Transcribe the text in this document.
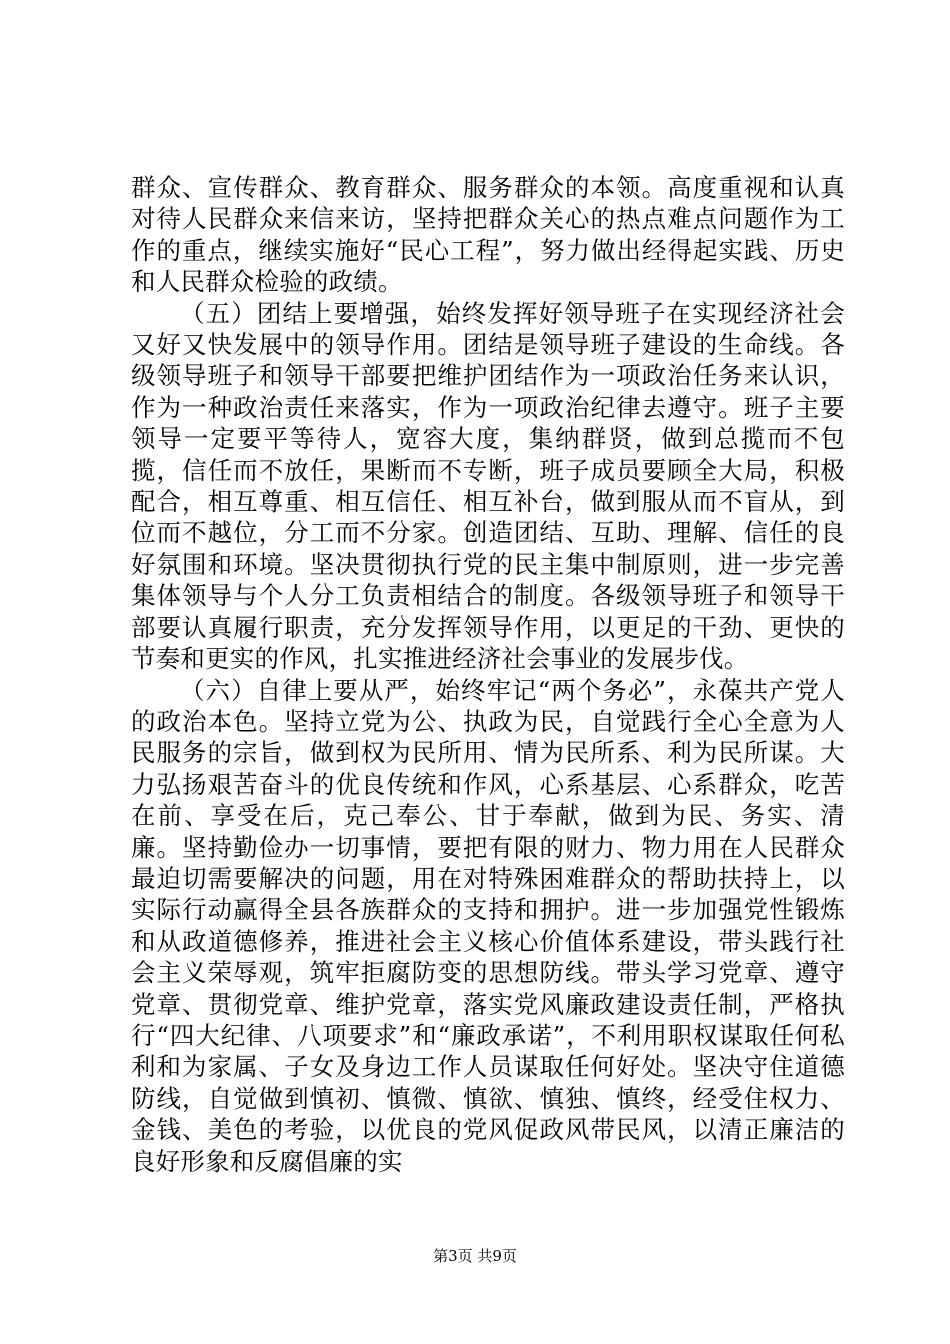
群众、宣传群众、教育群众、服务群众的本领。高度重视和认真对待人民群众来信来访，坚持把群众关心的热点难点问题作为工作的重点，继续实施好“民心工程”，努力做出经得起实践、历史和人民群众检验的政绩。

（五）团结上要增强，始终发挥好领导班子在实现经济社会又好又快发展中的领导作用。团结是领导班子建设的生命线。各级领导班子和领导干部要把维护团结作为一项政治任务来认识，作为一种政治责任来落实，作为一项政治纪律去遵守。班子主要领导一定要平等待人，宽容大度，集纳群贤，做到总揽而不包揽，信任而不放任，果断而不专断，班子成员要顾全大局，积极配合，相互尊重、相互信任、相互补台，做到服从而不盲从，到位而不越位，分工而不分家。创造团结、互助、理解、信任的良好氛围和环境。坚决贯彻执行党的民主集中制原则，进一步完善集体领导与个人分工负责相结合的制度。各级领导班子和领导干部要认真履行职责，充分发挥领导作用，以更足的干劲、更快的节奏和更实的作风，扎实推进经济社会事业的发展步伐。

（六）自律上要从严，始终牢记“两个务必”，永葆共产党人的政治本色。坚持立党为公、执政为民，自觉践行全心全意为人民服务的宗旨，做到权为民所用、情为民所系、利为民所谋。大力弘扬艰苦奋斗的优良传统和作风，心系基层、心系群众，吃苦在前、享受在后，克己奉公、甘于奉献，做到为民、务实、清廉。坚持勤俭办一切事情，要把有限的财力、物力用在人民群众最迫切需要解决的问题，用在对特殊困难群众的帮助扶持上，以实际行动赢得全县各族群众的支持和拥护。进一步加强党性锻炼和从政道德修养，推进社会主义核心价值体系建设，带头践行社会主义荣辱观，筑牢拒腐防变的思想防线。带头学习党章、遵守党章、贯彻党章、维护党章，落实党风廉政建设责任制，严格执行“四大纪律、八项要求”和“廉政承诺”，不利用职权谋取任何私利和为家属、子女及身边工作人员谋取任何好处。坚决守住道德防线，自觉做到慎初、慎微、慎欲、慎独、慎终，经受住权力、金钱、美色的考验，以优良的党风促政风带民风，以清正廉洁的良好形象和反腐倡廉的实

第3页 共9页
